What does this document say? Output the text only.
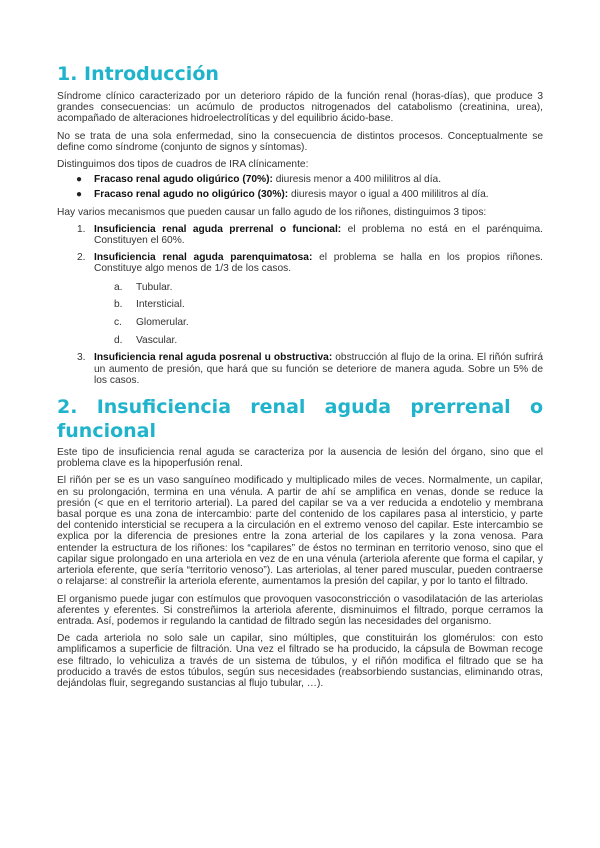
1. Introducción

Síndrome clínico caracterizado por un deterioro rápido de la función renal (horas-días), que produce 3 grandes consecuencias: un acúmulo de productos nitrogenados del catabolismo (creatinina, urea), acompañado de alteraciones hidroelectrolíticas y del equilibrio ácido-base.

No se trata de una sola enfermedad, sino la consecuencia de distintos procesos. Conceptualmente se define como síndrome (conjunto de signos y síntomas).

Distinguimos dos tipos de cuadros de IRA clínicamente:

● Fracaso renal agudo oligúrico (70%): diuresis menor a 400 mililitros al día.
● Fracaso renal agudo no oligúrico (30%): diuresis mayor o igual a 400 mililitros al día.

Hay varios mecanismos que pueden causar un fallo agudo de los riñones, distinguimos 3 tipos:

1. Insuficiencia renal aguda prerrenal o funcional: el problema no está en el parénquima. Constituyen el 60%.
2. Insuficiencia renal aguda parenquimatosa: el problema se halla en los propios riñones. Constituye algo menos de 1/3 de los casos.
a. Tubular.
b. Intersticial.
c. Glomerular.
d. Vascular.
3. Insuficiencia renal aguda posrenal u obstructiva: obstrucción al flujo de la orina. El riñón sufrirá un aumento de presión, que hará que su función se deteriore de manera aguda. Sobre un 5% de los casos.
2. Insuficiencia renal aguda prerrenal o
funcional

Este tipo de insuficiencia renal aguda se caracteriza por la ausencia de lesión del órgano, sino que el problema clave es la hipoperfusión renal.

El riñón per se es un vaso sanguíneo modificado y multiplicado miles de veces. Normalmente, un capilar, en su prolongación, termina en una vénula. A partir de ahí se amplifica en venas, donde se reduce la presión (< que en el territorio arterial). La pared del capilar se va a ver reducida a endotelio y membrana basal porque es una zona de intercambio: parte del contenido de los capilares pasa al intersticio, y parte del contenido intersticial se recupera a la circulación en el extremo venoso del capilar. Este intercambio se explica por la diferencia de presiones entre la zona arterial de los capilares y la zona venosa. Para entender la estructura de los riñones: los “capilares” de éstos no terminan en territorio venoso, sino que el capilar sigue prolongado en una arteriola en vez de en una vénula (arteriola aferente que forma el capilar, y arteriola eferente, que sería “territorio venoso”). Las arteriolas, al tener pared muscular, pueden contraerse o relajarse: al constreñir la arteriola eferente, aumentamos la presión del capilar, y por lo tanto el filtrado.

El organismo puede jugar con estímulos que provoquen vasoconstricción o vasodilatación de las arteriolas aferentes y eferentes. Si constreñimos la arteriola aferente, disminuimos el filtrado, porque cerramos la entrada. Así, podemos ir regulando la cantidad de filtrado según las necesidades del organismo.

De cada arteriola no solo sale un capilar, sino múltiples, que constituirán los glomérulos: con esto amplificamos a superficie de filtración. Una vez el filtrado se ha producido, la cápsula de Bowman recoge ese filtrado, lo vehiculiza a través de un sistema de túbulos, y el riñón modifica el filtrado que se ha producido a través de estos túbulos, según sus necesidades (reabsorbiendo sustancias, eliminando otras, dejándolas fluir, segregando sustancias al flujo tubular, …).
